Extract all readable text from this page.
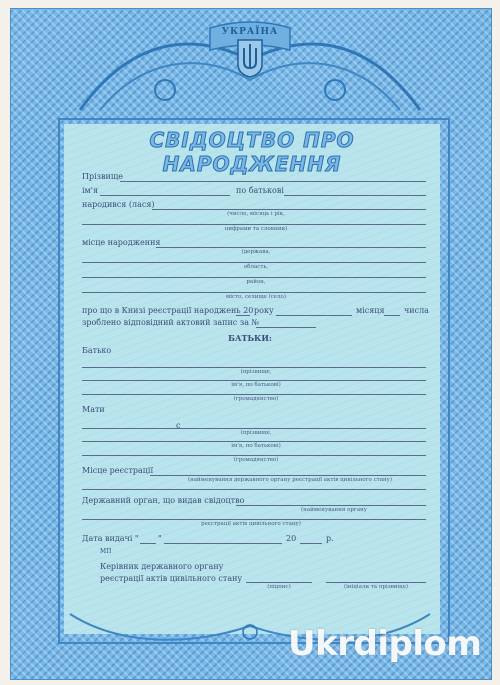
УКРАЇНА
СВІДОЦТВО ПРО НАРОДЖЕННЯ
Прізвище
ім'я	по батькові
народився (лася)
(число, місяць і рік,
цифрами та словами)
місце народження
(держава,
область,
район,
місто, селище (село)
про що в Книзі реєстрації народжень 20 року	місяця числа
зроблено відповідний актовий запис за №
БАТЬКИ:
Батько
(прізвище,
ім'я, по батькові)
(громадянство)
Мати
с
(прізвище,
ім'я, по батькові)
(громадянство)
Місце реєстрації
(найменування державного органу реєстрації актів цивільного стану)
Державний орган, що видав свідоцтво
(найменування органу
реєстрації актів цивільного стану)
Дата видачі " "	20	р.
МП
Керівник державного органу
реєстрації актів цивільного стану
(підпис)	(ініціали та прізвище)
Ukrdiplom
